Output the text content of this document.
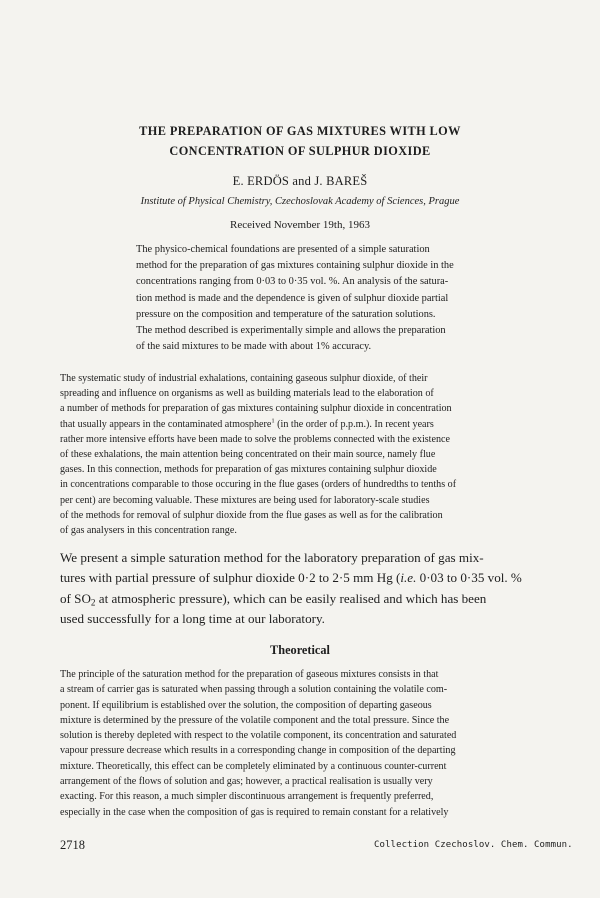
THE PREPARATION OF GAS MIXTURES WITH LOW
CONCENTRATION OF SULPHUR DIOXIDE
E. ERDÖS and J. BAREŠ
Institute of Physical Chemistry, Czechoslovak Academy of Sciences, Prague
Received November 19th, 1963
The physico-chemical foundations are presented of a simple saturation
method for the preparation of gas mixtures containing sulphur dioxide in the
concentrations ranging from 0·03 to 0·35 vol. %. An analysis of the satura-
tion method is made and the dependence is given of sulphur dioxide partial
pressure on the composition and temperature of the saturation solutions.
The method described is experimentally simple and allows the preparation
of the said mixtures to be made with about 1% accuracy.
The systematic study of industrial exhalations, containing gaseous sulphur dioxide, of their
spreading and influence on organisms as well as building materials lead to the elaboration of
a number of methods for preparation of gas mixtures containing sulphur dioxide in concentration
that usually appears in the contaminated atmosphere$^1$ (in the order of p.p.m.). In recent years
rather more intensive efforts have been made to solve the problems connected with the existence
of these exhalations, the main attention being concentrated on their main source, namely flue
gases. In this connection, methods for preparation of gas mixtures containing sulphur dioxide
in concentrations comparable to those occuring in the flue gases (orders of hundredths to tenths of
per cent) are becoming valuable. These mixtures are being used for laboratory-scale studies
of the methods for removal of sulphur dioxide from the flue gases as well as for the calibration
of gas analysers in this concentration range.
We present a simple saturation method for the laboratory preparation of gas mix-
tures with partial pressure of sulphur dioxide 0·2 to 2·5 mm Hg (i.e. 0·03 to 0·35 vol. %
of $SO_2$ at atmospheric pressure), which can be easily realised and which has been
used successfully for a long time at our laboratory.
Theoretical
The principle of the saturation method for the preparation of gaseous mixtures consists in that
a stream of carrier gas is saturated when passing through a solution containing the volatile com-
ponent. If equilibrium is established over the solution, the composition of departing gaseous
mixture is determined by the pressure of the volatile component and the total pressure. Since the
solution is thereby depleted with respect to the volatile component, its concentration and saturated
vapour pressure decrease which results in a corresponding change in composition of the departing
mixture. Theoretically, this effect can be completely eliminated by a continuous counter-current
arrangement of the flows of solution and gas; however, a practical realisation is usually very
exacting. For this reason, a much simpler discontinuous arrangement is frequently preferred,
especially in the case when the composition of gas is required to remain constant for a relatively
2718	Collection Czechoslov. Chem. Commun.
